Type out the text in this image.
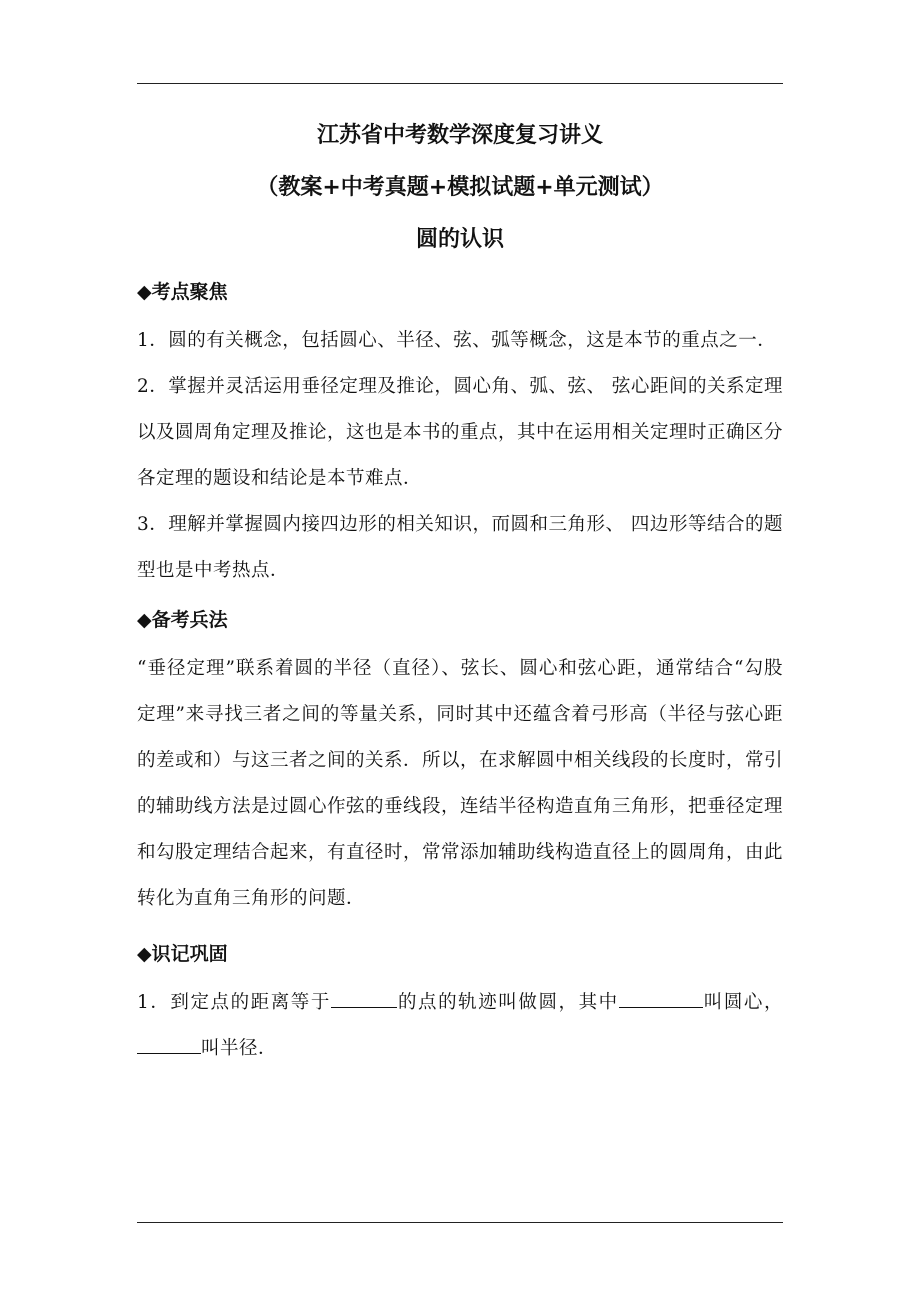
江苏省中考数学深度复习讲义

（教案+中考真题+模拟试题+单元测试）

圆的认识

◆考点聚焦

1．圆的有关概念，包括圆心、半径、弦、弧等概念，这是本节的重点之一．

2．掌握并灵活运用垂径定理及推论，圆心角、弧、弦、 弦心距间的关系定理以及圆周角定理及推论，这也是本书的重点，其中在运用相关定理时正确区分各定理的题设和结论是本节难点．

3．理解并掌握圆内接四边形的相关知识，而圆和三角形、 四边形等结合的题型也是中考热点．

◆备考兵法

“垂径定理”联系着圆的半径（直径）、弦长、圆心和弦心距，通常结合“勾股定理”来寻找三者之间的等量关系，同时其中还蕴含着弓形高（半径与弦心距的差或和）与这三者之间的关系．所以，在求解圆中相关线段的长度时，常引的辅助线方法是过圆心作弦的垂线段，连结半径构造直角三角形，把垂径定理和勾股定理结合起来，有直径时，常常添加辅助线构造直径上的圆周角，由此转化为直角三角形的问题．

◆识记巩固

1．到定点的距离等于	的点的轨迹叫做圆，其中	叫圆心，叫半径．
